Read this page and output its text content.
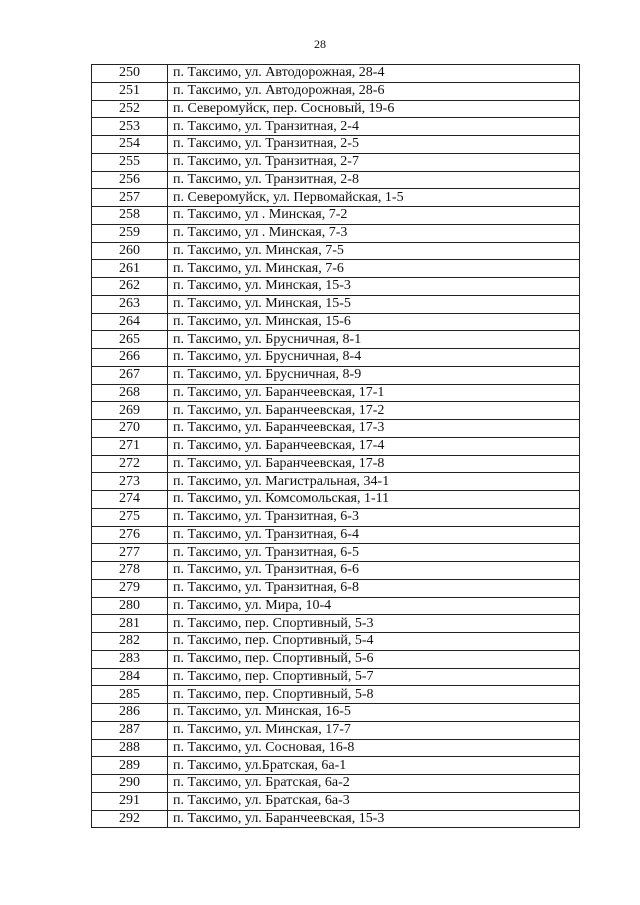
28
250	п. Таксимо, ул. Автодорожная, 28-4
251	п. Таксимо, ул. Автодорожная, 28-6
252	п. Северомуйск, пер. Сосновый, 19-6
253	п. Таксимо, ул. Транзитная, 2-4
254	п. Таксимо, ул. Транзитная, 2-5
255	п. Таксимо, ул. Транзитная, 2-7
256	п. Таксимо, ул. Транзитная, 2-8
257	п. Северомуйск, ул. Первомайская, 1-5
258	п. Таксимо, ул . Минская, 7-2
259	п. Таксимо, ул . Минская, 7-3
260	п. Таксимо, ул. Минская, 7-5
261	п. Таксимо, ул. Минская, 7-6
262	п. Таксимо, ул. Минская, 15-3
263	п. Таксимо, ул. Минская, 15-5
264	п. Таксимо, ул. Минская, 15-6
265	п. Таксимо, ул. Брусничная, 8-1
266	п. Таксимо, ул. Брусничная, 8-4
267	п. Таксимо, ул. Брусничная, 8-9
268	п. Таксимо, ул. Баранчеевская, 17-1
269	п. Таксимо, ул. Баранчеевская, 17-2
270	п. Таксимо, ул. Баранчеевская, 17-3
271	п. Таксимо, ул. Баранчеевская, 17-4
272	п. Таксимо, ул. Баранчеевская, 17-8
273	п. Таксимо, ул. Магистральная, 34-1
274	п. Таксимо, ул. Комсомольская, 1-11
275	п. Таксимо, ул. Транзитная, 6-3
276	п. Таксимо, ул. Транзитная, 6-4
277	п. Таксимо, ул. Транзитная, 6-5
278	п. Таксимо, ул. Транзитная, 6-6
279	п. Таксимо, ул. Транзитная, 6-8
280	п. Таксимо, ул. Мира, 10-4
281	п. Таксимо, пер. Спортивный, 5-3
282	п. Таксимо, пер. Спортивный, 5-4
283	п. Таксимо, пер. Спортивный, 5-6
284	п. Таксимо, пер. Спортивный, 5-7
285	п. Таксимо, пер. Спортивный, 5-8
286	п. Таксимо, ул. Минская, 16-5
287	п. Таксимо, ул. Минская, 17-7
288	п. Таксимо, ул. Сосновая, 16-8
289	п. Таксимо, ул.Братская, 6а-1
290	п. Таксимо, ул. Братская, 6а-2
291	п. Таксимо, ул. Братская, 6а-3
292	п. Таксимо, ул. Баранчеевская, 15-3
